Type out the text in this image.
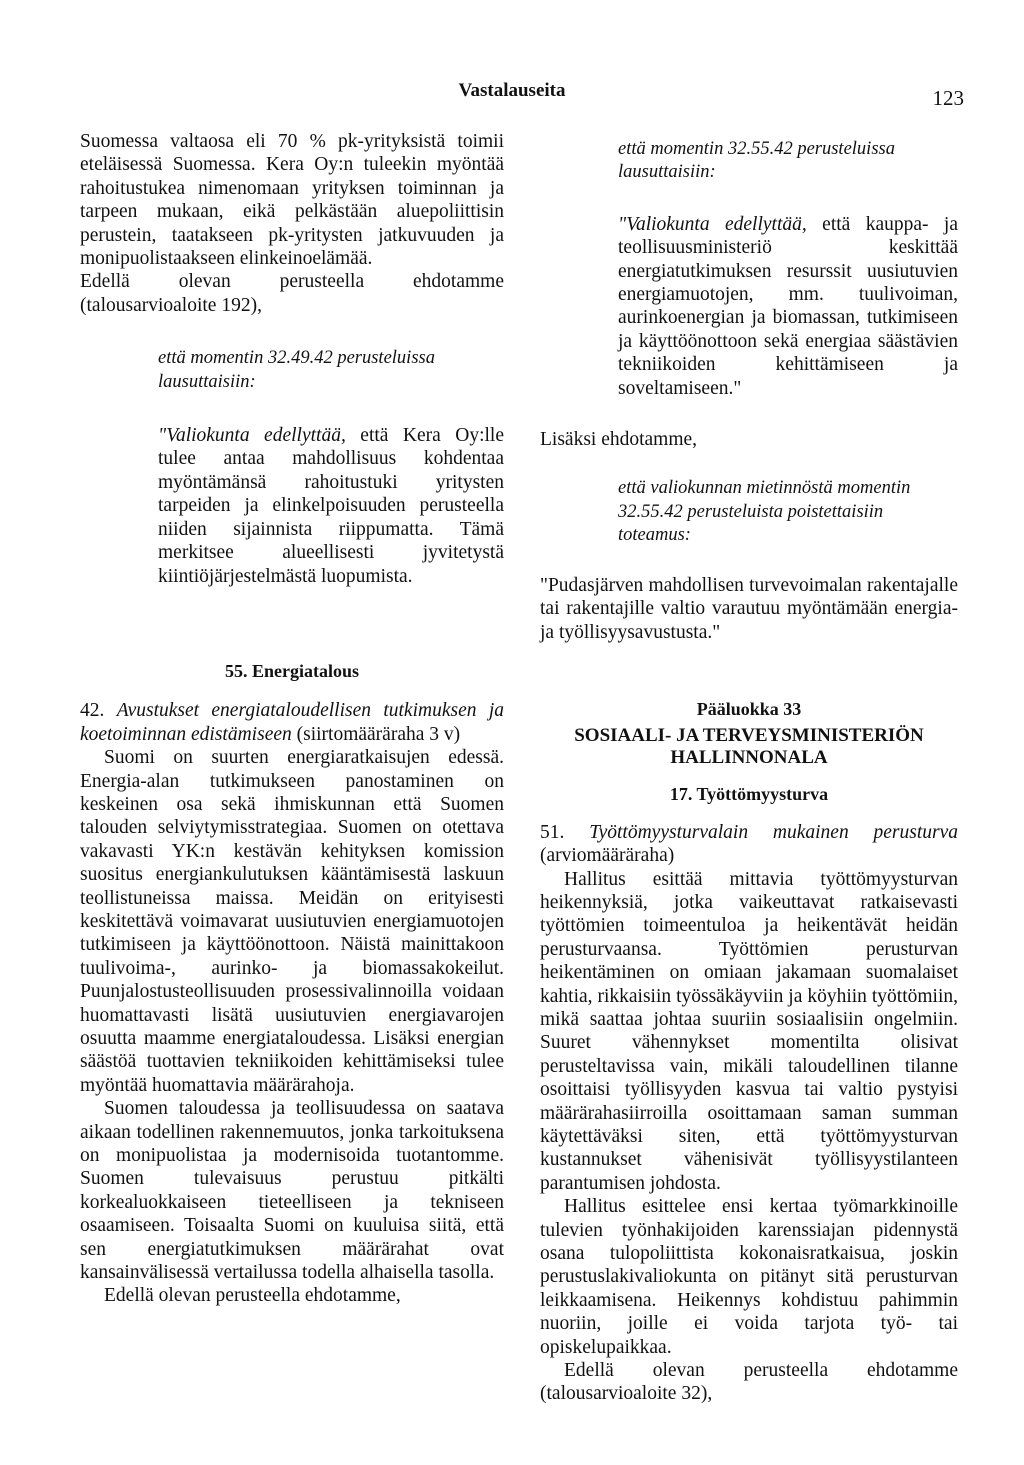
Vastalauseita	123

Suomessa valtaosa eli 70 % pk-yrityksistä toimii eteläisessä Suomessa. Kera Oy:n tuleekin myöntää rahoitustukea nimenomaan yrityksen toiminnan ja tarpeen mukaan, eikä pelkästään aluepoliittisin perustein, taatakseen pk-yritysten jatkuvuuden ja monipuolistaakseen elinkeinoelämää.

Edellä olevan perusteella ehdotamme (talousarvioaloite 192),

että momentin 32.49.42 perusteluissa lausuttaisiin:

"Valiokunta edellyttää, että Kera Oy:lle tulee antaa mahdollisuus kohdentaa myöntämänsä rahoitustuki yritysten tarpeiden ja elinkelpoisuuden perusteella niiden sijainnista riippumatta. Tämä merkitsee alueellisesti jyvitetystä kiintiöjärjestelmästä luopumista.

55. Energiatalous

42. Avustukset energiataloudellisen tutkimuksen ja koetoiminnan edistämiseen (siirtomääräraha 3 v)

Suomi on suurten energiaratkaisujen edessä. Energia-alan tutkimukseen panostaminen on keskeinen osa sekä ihmiskunnan että Suomen talouden selviytymisstrategiaa. Suomen on otettava vakavasti YK:n kestävän kehityksen komission suositus energiankulutuksen kääntämisestä laskuun teollistuneissa maissa. Meidän on erityisesti keskitettävä voimavarat uusiutuvien energiamuotojen tutkimiseen ja käyttöönottoon. Näistä mainittakoon tuulivoima-, aurinko- ja biomassakokeilut. Puunjalostusteollisuuden prosessivalinnoilla voidaan huomattavasti lisätä uusiutuvien energiavarojen osuutta maamme energiataloudessa. Lisäksi energian säästöä tuottavien tekniikoiden kehittämiseksi tulee myöntää huomattavia määrärahoja.

Suomen taloudessa ja teollisuudessa on saatava aikaan todellinen rakennemuutos, jonka tarkoituksena on monipuolistaa ja modernisoida tuotantomme. Suomen tulevaisuus perustuu pitkälti korkealuokkaiseen tieteelliseen ja tekniseen osaamiseen. Toisaalta Suomi on kuuluisa siitä, että sen energiatutkimuksen määrärahat ovat kansainvälisessä vertailussa todella alhaisella tasolla.

Edellä olevan perusteella ehdotamme,

että momentin 32.55.42 perusteluissa lausuttaisiin:

"Valiokunta edellyttää, että kauppa- ja teollisuusministeriö keskittää energiatutkimuksen resurssit uusiutuvien energiamuotojen, mm. tuulivoiman, aurinkoenergian ja biomassan, tutkimiseen ja käyttöönottoon sekä energiaa säästävien tekniikoiden kehittämiseen ja soveltamiseen."

Lisäksi ehdotamme,

että valiokunnan mietinnöstä momentin 32.55.42 perusteluista poistettaisiin toteamus:

"Pudasjärven mahdollisen turvevoimalan rakentajalle tai rakentajille valtio varautuu myöntämään energia- ja työllisyysavustusta."

Pääluokka 33

SOSIAALI- JA TERVEYSMINISTERIÖN HALLINNONALA

17. Työttömyysturva

51. Työttömyysturvalain mukainen perusturva (arviomääräraha)

Hallitus esittää mittavia työttömyysturvan heikennyksiä, jotka vaikeuttavat ratkaisevasti työttömien toimeentuloa ja heikentävät heidän perusturvaansa. Työttömien perusturvan heikentäminen on omiaan jakamaan suomalaiset kahtia, rikkaisiin työssäkäyviin ja köyhiin työttömiin, mikä saattaa johtaa suuriin sosiaalisiin ongelmiin. Suuret vähennykset momentilta olisivat perusteltavissa vain, mikäli taloudellinen tilanne osoittaisi työllisyyden kasvua tai valtio pystyisi määrärahasiirroilla osoittamaan saman summan käytettäväksi siten, että työttömyysturvan kustannukset vähenisivät työllisyystilanteen parantumisen johdosta.

Hallitus esittelee ensi kertaa työmarkkinoille tulevien työnhakijoiden karenssiajan pidennystä osana tulopoliittista kokonaisratkaisua, joskin perustuslakivaliokunta on pitänyt sitä perusturvan leikkaamisena. Heikennys kohdistuu pahimmin nuoriin, joille ei voida tarjota työ- tai opiskelupaikkaa.

Edellä olevan perusteella ehdotamme (talousarvioaloite 32),
